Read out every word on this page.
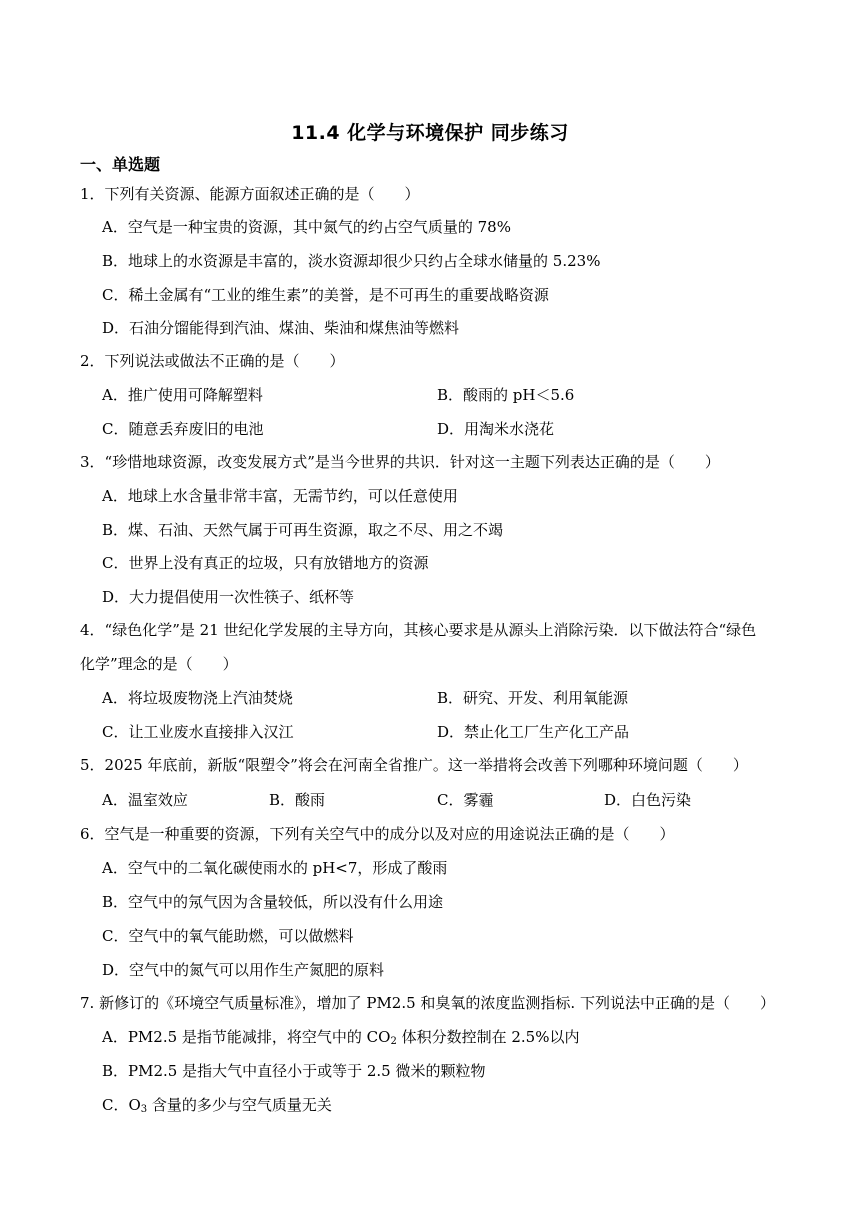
11.4 化学与环境保护 同步练习
一、单选题
1．下列有关资源、能源方面叙述正确的是（　　）
A．空气是一种宝贵的资源，其中氮气的约占空气质量的 78%
B．地球上的水资源是丰富的，淡水资源却很少只约占全球水储量的 5.23%
C．稀土金属有“工业的维生素”的美誉，是不可再生的重要战略资源
D．石油分馏能得到汽油、煤油、柴油和煤焦油等燃料
2．下列说法或做法不正确的是（　　）
A．推广使用可降解塑料	B．酸雨的 pH＜5.6
C．随意丢弃废旧的电池	D．用淘米水浇花
3．“珍惜地球资源，改变发展方式”是当今世界的共识．针对这一主题下列表达正确的是（　　）
A．地球上水含量非常丰富，无需节约，可以任意使用
B．煤、石油、天然气属于可再生资源，取之不尽、用之不竭
C．世界上没有真正的垃圾，只有放错地方的资源
D．大力提倡使用一次性筷子、纸杯等
4．“绿色化学”是 21 世纪化学发展的主导方向，其核心要求是从源头上消除污染．以下做法符合“绿色
化学”理念的是（　　）
A．将垃圾废物浇上汽油焚烧	B．研究、开发、利用氧能源
C．让工业废水直接排入汉江	D．禁止化工厂生产化工产品
5．2025 年底前，新版“限塑令”将会在河南全省推广。这一举措将会改善下列哪种环境问题（　　）
A．温室效应	B．酸雨	C．雾霾	D．白色污染
6．空气是一种重要的资源，下列有关空气中的成分以及对应的用途说法正确的是（　　）
A．空气中的二氧化碳使雨水的 pH<7，形成了酸雨
B．空气中的氖气因为含量较低，所以没有什么用途
C．空气中的氧气能助燃，可以做燃料
D．空气中的氮气可以用作生产氮肥的原料
7. 新修订的《环境空气质量标准》，增加了 PM2.5 和臭氧的浓度监测指标. 下列说法中正确的是（　　）
A．PM2.5 是指节能减排，将空气中的 $CO_2$ 体积分数控制在 2.5%以内
B．PM2.5 是指大气中直径小于或等于 2.5 微米的颗粒物
C．$O_3$ 含量的多少与空气质量无关
